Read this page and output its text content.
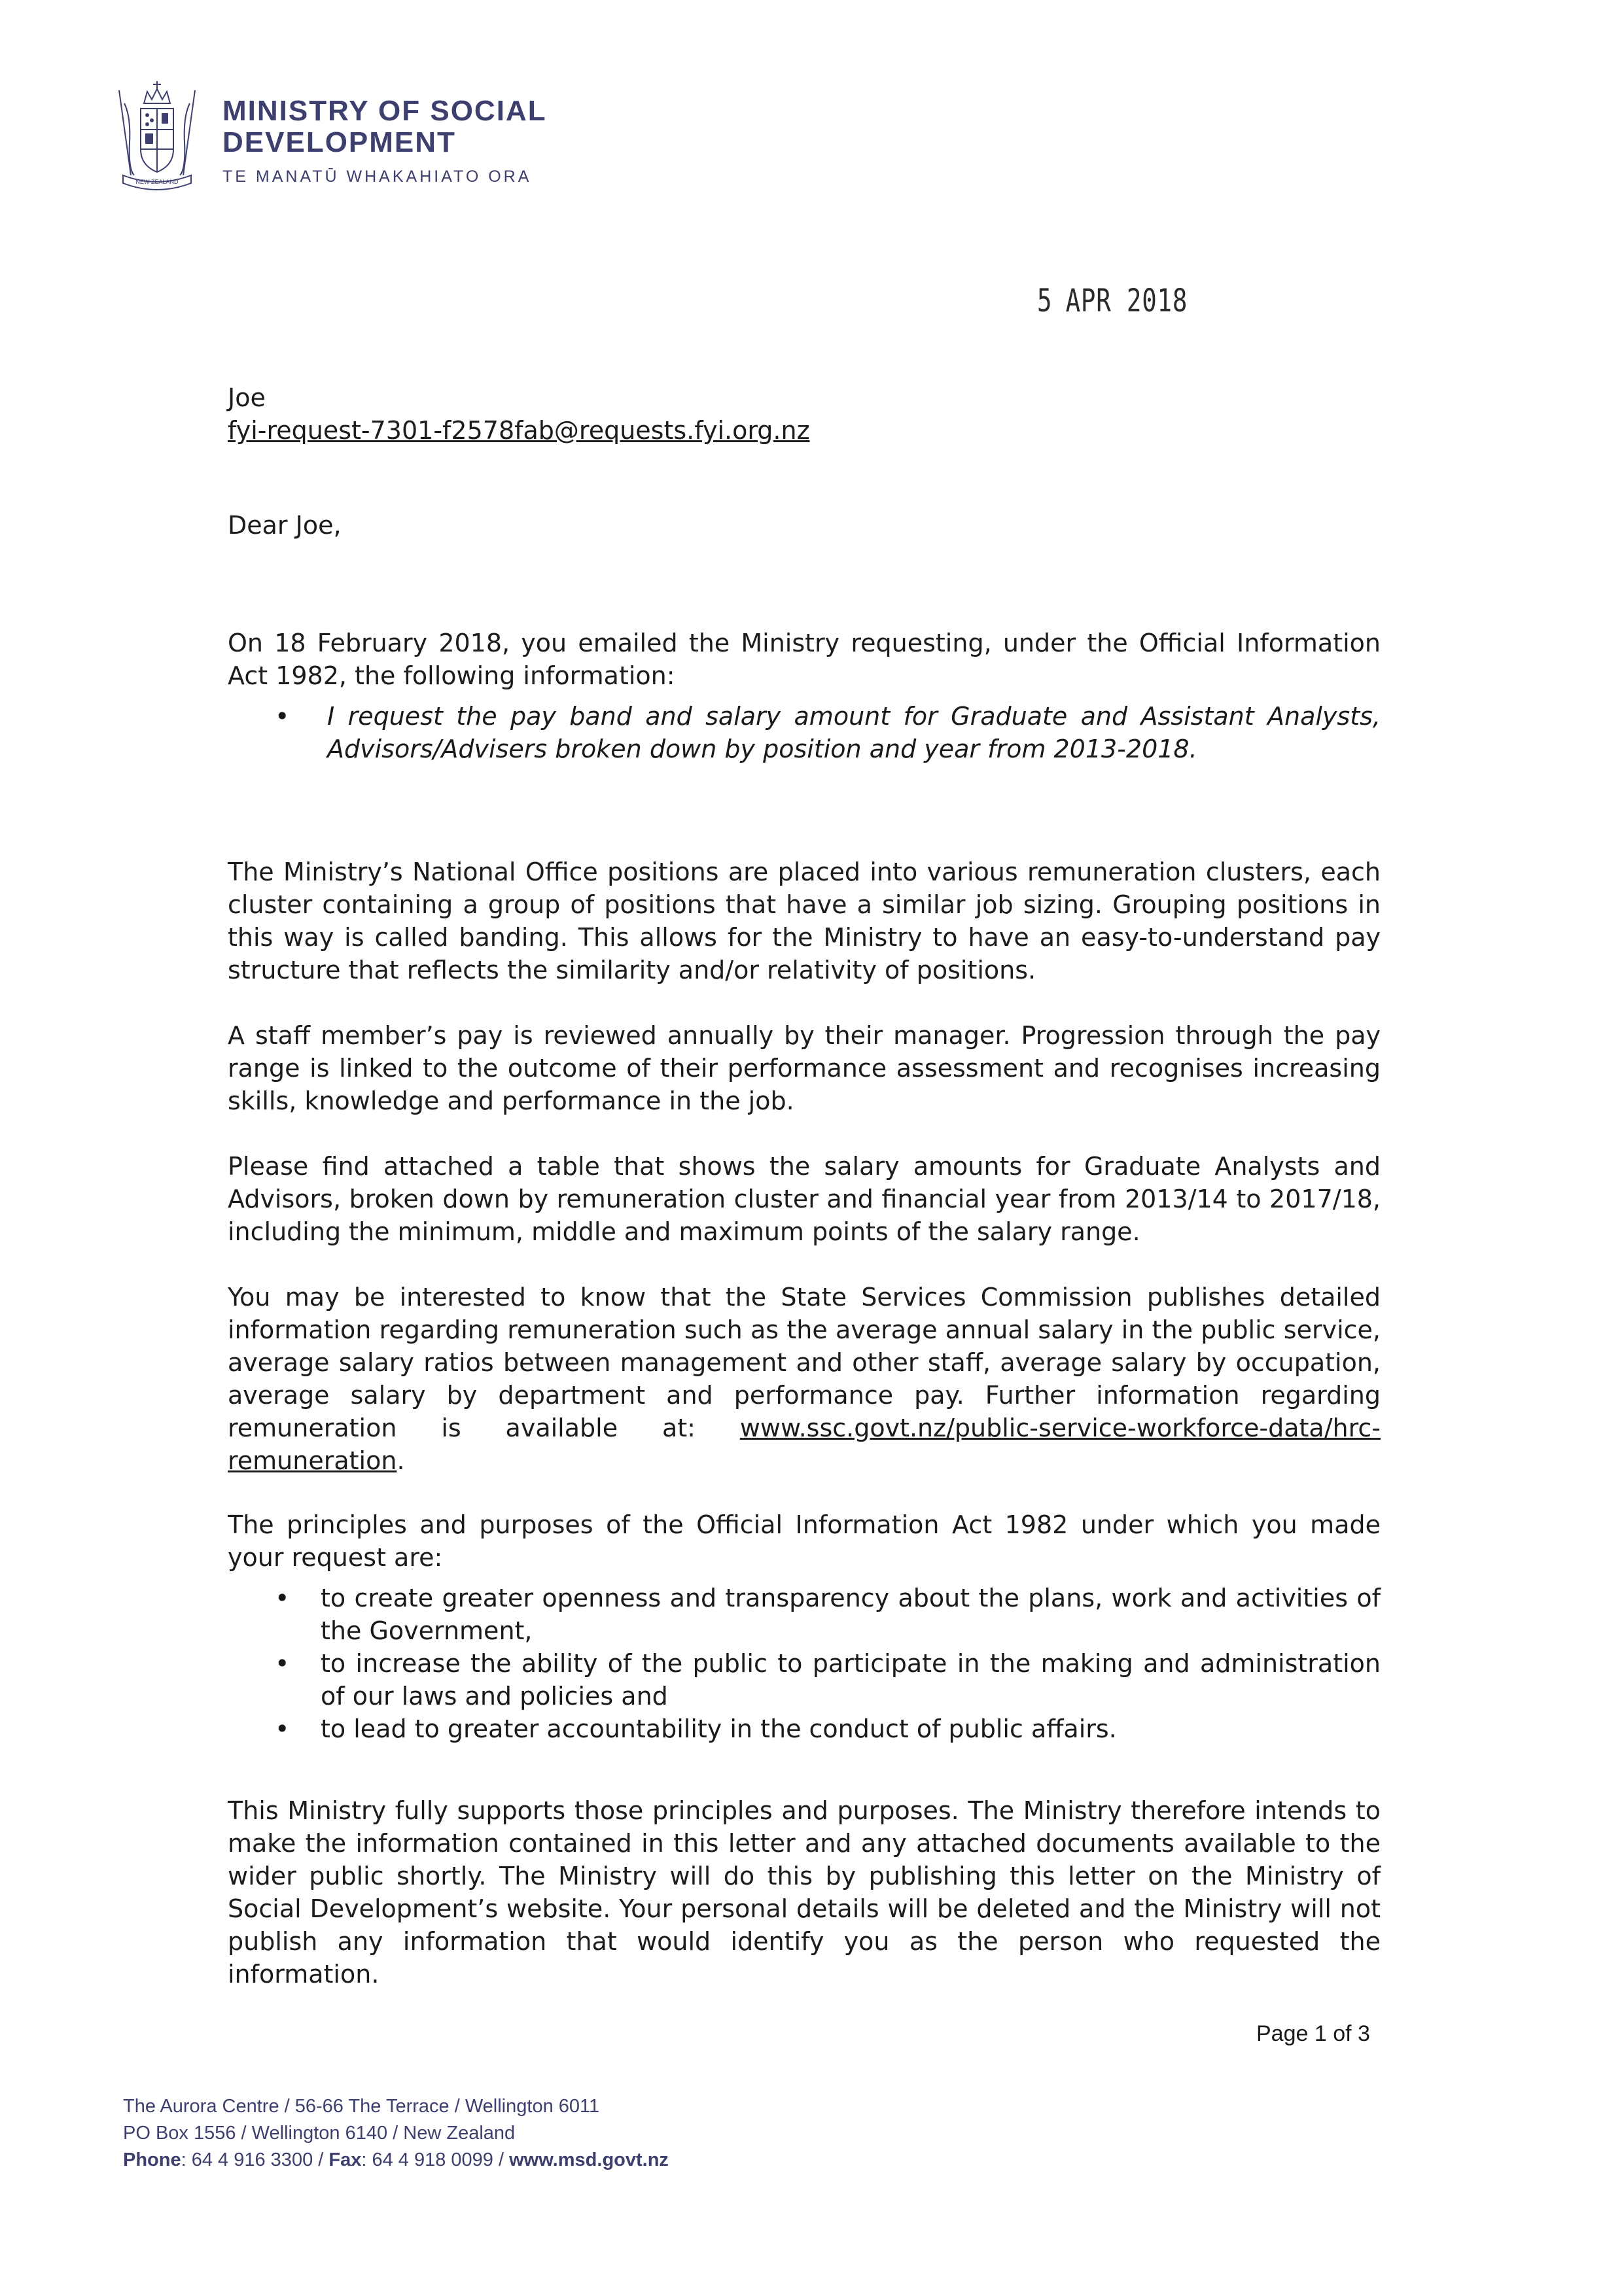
NEW ZEALAND
MINISTRY OF SOCIAL
DEVELOPMENT
TE MANATŪ WHAKAHIATO ORA
5 APR 2018
Joe
fyi-request-7301-f2578fab@requests.fyi.org.nz
Dear Joe,

On 18 February 2018, you emailed the Ministry requesting, under the Official Information Act 1982, the following information:

• I request the pay band and salary amount for Graduate and Assistant Analysts, Advisors/Advisers broken down by position and year from 2013-2018.

The Ministry’s National Office positions are placed into various remuneration clusters, each cluster containing a group of positions that have a similar job sizing. Grouping positions in this way is called banding. This allows for the Ministry to have an easy-to-understand pay structure that reflects the similarity and/or relativity of positions.

A staff member’s pay is reviewed annually by their manager. Progression through the pay range is linked to the outcome of their performance assessment and recognises increasing skills, knowledge and performance in the job.

Please find attached a table that shows the salary amounts for Graduate Analysts and Advisors, broken down by remuneration cluster and financial year from 2013/14 to 2017/18, including the minimum, middle and maximum points of the salary range.

You may be interested to know that the State Services Commission publishes detailed information regarding remuneration such as the average annual salary in the public service, average salary ratios between management and other staff, average salary by occupation, average salary by department and performance pay. Further information regarding remuneration is available at: www.ssc.govt.nz/public-service-workforce-data/hrc-remuneration.

The principles and purposes of the Official Information Act 1982 under which you made your request are:

• to create greater openness and transparency about the plans, work and activities of the Government,
• to increase the ability of the public to participate in the making and administration of our laws and policies and
• to lead to greater accountability in the conduct of public affairs.

This Ministry fully supports those principles and purposes. The Ministry therefore intends to make the information contained in this letter and any attached documents available to the wider public shortly. The Ministry will do this by publishing this letter on the Ministry of Social Development’s website. Your personal details will be deleted and the Ministry will not publish any information that would identify you as the person who requested the information.

Page 1 of 3
The Aurora Centre / 56-66 The Terrace / Wellington 6011
PO Box 1556 / Wellington 6140 / New Zealand
Phone: 64 4 916 3300 / Fax: 64 4 918 0099 / www.msd.govt.nz
